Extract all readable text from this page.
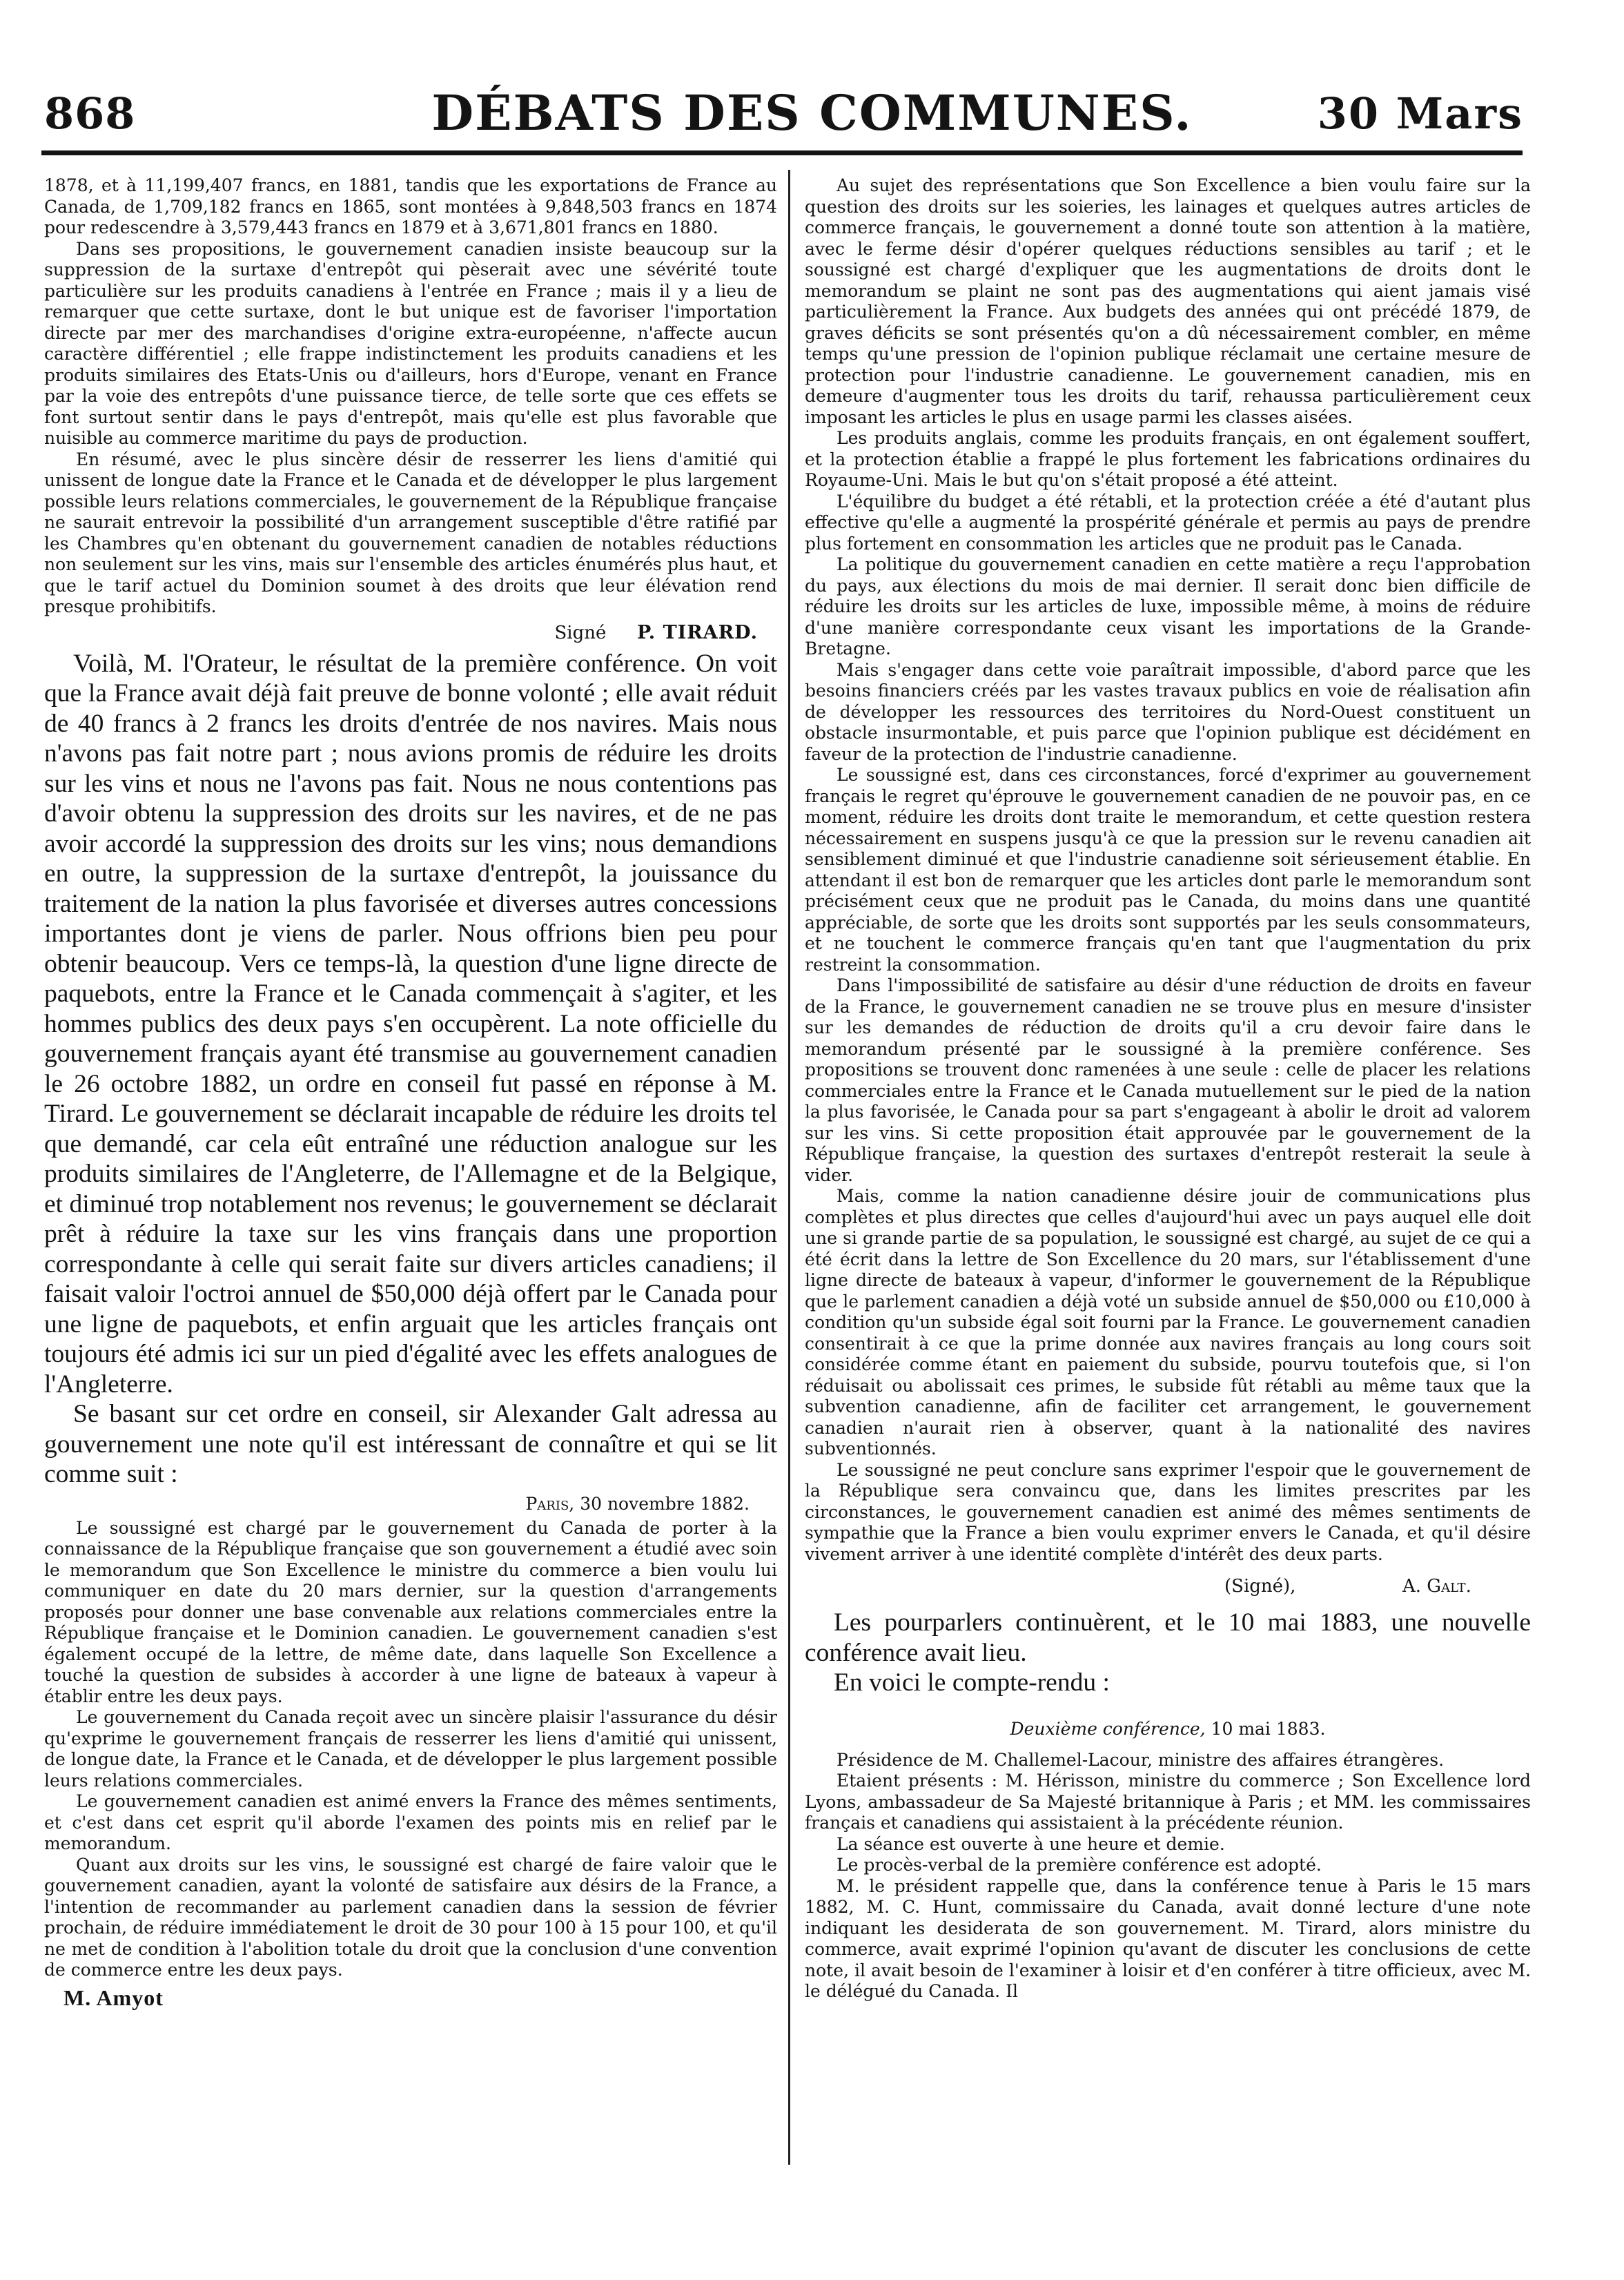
868	DÉBATS DES COMMUNES.	30 Mars

1878, et à 11,199,407 francs, en 1881, tandis que les exportations de France au Canada, de 1,709,182 francs en 1865, sont montées à 9,848,503 francs en 1874 pour redescendre à 3,579,443 francs en 1879 et à 3,671,801 francs en 1880.

Dans ses propositions, le gouvernement canadien insiste beaucoup sur la suppression de la surtaxe d'entrepôt qui pèserait avec une sévérité toute particulière sur les produits canadiens à l'entrée en France ; mais il y a lieu de remarquer que cette surtaxe, dont le but unique est de favoriser l'importation directe par mer des marchandises d'origine extra-européenne, n'affecte aucun caractère différentiel ; elle frappe indistinctement les produits canadiens et les produits similaires des Etats-Unis ou d'ailleurs, hors d'Europe, venant en France par la voie des entrepôts d'une puissance tierce, de telle sorte que ces effets se font surtout sentir dans le pays d'entrepôt, mais qu'elle est plus favorable que nuisible au commerce maritime du pays de production.

En résumé, avec le plus sincère désir de resserrer les liens d'amitié qui unissent de longue date la France et le Canada et de développer le plus largement possible leurs relations commerciales, le gouvernement de la République française ne saurait entrevoir la possibilité d'un arrangement susceptible d'être ratifié par les Chambres qu'en obtenant du gouvernement canadien de notables réductions non seulement sur les vins, mais sur l'ensemble des articles énumérés plus haut, et que le tarif actuel du Dominion soumet à des droits que leur élévation rend presque prohibitifs.

Signé P. TIRARD.

Voilà, M. l'Orateur, le résultat de la première conférence. On voit que la France avait déjà fait preuve de bonne volonté ; elle avait réduit de 40 francs à 2 francs les droits d'entrée de nos navires. Mais nous n'avons pas fait notre part ; nous avions promis de réduire les droits sur les vins et nous ne l'avons pas fait. Nous ne nous contentions pas d'avoir obtenu la suppression des droits sur les navires, et de ne pas avoir accordé la suppression des droits sur les vins; nous demandions en outre, la suppression de la surtaxe d'entrepôt, la jouissance du traitement de la nation la plus favorisée et diverses autres concessions importantes dont je viens de parler. Nous offrions bien peu pour obtenir beaucoup. Vers ce temps-là, la question d'une ligne directe de paquebots, entre la France et le Canada commençait à s'agiter, et les hommes publics des deux pays s'en occupèrent. La note officielle du gouvernement français ayant été transmise au gouvernement canadien le 26 octobre 1882, un ordre en conseil fut passé en réponse à M. Tirard. Le gouvernement se déclarait incapable de réduire les droits tel que demandé, car cela eût entraîné une réduction analogue sur les produits similaires de l'Angleterre, de l'Allemagne et de la Belgique, et diminué trop notablement nos revenus; le gouvernement se déclarait prêt à réduire la taxe sur les vins français dans une proportion correspondante à celle qui serait faite sur divers articles canadiens; il faisait valoir l'octroi annuel de $50,000 déjà offert par le Canada pour une ligne de paquebots, et enfin arguait que les articles français ont toujours été admis ici sur un pied d'égalité avec les effets analogues de l'Angleterre.

Se basant sur cet ordre en conseil, sir Alexander Galt adressa au gouvernement une note qu'il est intéressant de connaître et qui se lit comme suit :

Paris, 30 novembre 1882.

Le soussigné est chargé par le gouvernement du Canada de porter à la connaissance de la République française que son gouvernement a étudié avec soin le memorandum que Son Excellence le ministre du commerce a bien voulu lui communiquer en date du 20 mars dernier, sur la question d'arrangements proposés pour donner une base convenable aux relations commerciales entre la République française et le Dominion canadien. Le gouvernement canadien s'est également occupé de la lettre, de même date, dans laquelle Son Excellence a touché la question de subsides à accorder à une ligne de bateaux à vapeur à établir entre les deux pays.

Le gouvernement du Canada reçoit avec un sincère plaisir l'assurance du désir qu'exprime le gouvernement français de resserrer les liens d'amitié qui unissent, de longue date, la France et le Canada, et de développer le plus largement possible leurs relations commerciales.

Le gouvernement canadien est animé envers la France des mêmes sentiments, et c'est dans cet esprit qu'il aborde l'examen des points mis en relief par le memorandum.

Quant aux droits sur les vins, le soussigné est chargé de faire valoir que le gouvernement canadien, ayant la volonté de satisfaire aux désirs de la France, a l'intention de recommander au parlement canadien dans la session de février prochain, de réduire immédiatement le droit de 30 pour 100 à 15 pour 100, et qu'il ne met de condition à l'abolition totale du droit que la conclusion d'une convention de commerce entre les deux pays.

M. Amyot

Au sujet des représentations que Son Excellence a bien voulu faire sur la question des droits sur les soieries, les lainages et quelques autres articles de commerce français, le gouvernement a donné toute son attention à la matière, avec le ferme désir d'opérer quelques réductions sensibles au tarif ; et le soussigné est chargé d'expliquer que les augmentations de droits dont le memorandum se plaint ne sont pas des augmentations qui aient jamais visé particulièrement la France. Aux budgets des années qui ont précédé 1879, de graves déficits se sont présentés qu'on a dû nécessairement combler, en même temps qu'une pression de l'opinion publique réclamait une certaine mesure de protection pour l'industrie canadienne. Le gouvernement canadien, mis en demeure d'augmenter tous les droits du tarif, rehaussa particulièrement ceux imposant les articles le plus en usage parmi les classes aisées.

Les produits anglais, comme les produits français, en ont également souffert, et la protection établie a frappé le plus fortement les fabrications ordinaires du Royaume-Uni. Mais le but qu'on s'était proposé a été atteint.

L'équilibre du budget a été rétabli, et la protection créée a été d'autant plus effective qu'elle a augmenté la prospérité générale et permis au pays de prendre plus fortement en consommation les articles que ne produit pas le Canada.

La politique du gouvernement canadien en cette matière a reçu l'approbation du pays, aux élections du mois de mai dernier. Il serait donc bien difficile de réduire les droits sur les articles de luxe, impossible même, à moins de réduire d'une manière correspondante ceux visant les importations de la Grande-Bretagne.

Mais s'engager dans cette voie paraîtrait impossible, d'abord parce que les besoins financiers créés par les vastes travaux publics en voie de réalisation afin de développer les ressources des territoires du Nord-Ouest constituent un obstacle insurmontable, et puis parce que l'opinion publique est décidément en faveur de la protection de l'industrie canadienne.

Le soussigné est, dans ces circonstances, forcé d'exprimer au gouvernement français le regret qu'éprouve le gouvernement canadien de ne pouvoir pas, en ce moment, réduire les droits dont traite le memorandum, et cette question restera nécessairement en suspens jusqu'à ce que la pression sur le revenu canadien ait sensiblement diminué et que l'industrie canadienne soit sérieusement établie. En attendant il est bon de remarquer que les articles dont parle le memorandum sont précisément ceux que ne produit pas le Canada, du moins dans une quantité appréciable, de sorte que les droits sont supportés par les seuls consommateurs, et ne touchent le commerce français qu'en tant que l'augmentation du prix restreint la consommation.

Dans l'impossibilité de satisfaire au désir d'une réduction de droits en faveur de la France, le gouvernement canadien ne se trouve plus en mesure d'insister sur les demandes de réduction de droits qu'il a cru devoir faire dans le memorandum présenté par le soussigné à la première conférence. Ses propositions se trouvent donc ramenées à une seule : celle de placer les relations commerciales entre la France et le Canada mutuellement sur le pied de la nation la plus favorisée, le Canada pour sa part s'engageant à abolir le droit ad valorem sur les vins. Si cette proposition était approuvée par le gouvernement de la République française, la question des surtaxes d'entrepôt resterait la seule à vider.

Mais, comme la nation canadienne désire jouir de communications plus complètes et plus directes que celles d'aujourd'hui avec un pays auquel elle doit une si grande partie de sa population, le soussigné est chargé, au sujet de ce qui a été écrit dans la lettre de Son Excellence du 20 mars, sur l'établissement d'une ligne directe de bateaux à vapeur, d'informer le gouvernement de la République que le parlement canadien a déjà voté un subside annuel de $50,000 ou £10,000 à condition qu'un subside égal soit fourni par la France. Le gouvernement canadien consentirait à ce que la prime donnée aux navires français au long cours soit considérée comme étant en paiement du subside, pourvu toutefois que, si l'on réduisait ou abolissait ces primes, le subside fût rétabli au même taux que la subvention canadienne, afin de faciliter cet arrangement, le gouvernement canadien n'aurait rien à observer, quant à la nationalité des navires subventionnés.

Le soussigné ne peut conclure sans exprimer l'espoir que le gouvernement de la République sera convaincu que, dans les limites prescrites par les circonstances, le gouvernement canadien est animé des mêmes sentiments de sympathie que la France a bien voulu exprimer envers le Canada, et qu'il désire vivement arriver à une identité complète d'intérêt des deux parts.

(Signé),	A. Galt.

Les pourparlers continuèrent, et le 10 mai 1883, une nouvelle conférence avait lieu.

En voici le compte-rendu :

Deuxième conférence, 10 mai 1883.

Présidence de M. Challemel-Lacour, ministre des affaires étrangères.

Etaient présents : M. Hérisson, ministre du commerce ; Son Excellence lord Lyons, ambassadeur de Sa Majesté britannique à Paris ; et MM. les commissaires français et canadiens qui assistaient à la précédente réunion.

La séance est ouverte à une heure et demie.

Le procès-verbal de la première conférence est adopté.

M. le président rappelle que, dans la conférence tenue à Paris le 15 mars 1882, M. C. Hunt, commissaire du Canada, avait donné lecture d'une note indiquant les desiderata de son gouvernement. M. Tirard, alors ministre du commerce, avait exprimé l'opinion qu'avant de discuter les conclusions de cette note, il avait besoin de l'examiner à loisir et d'en conférer à titre officieux, avec M. le délégué du Canada. Il
